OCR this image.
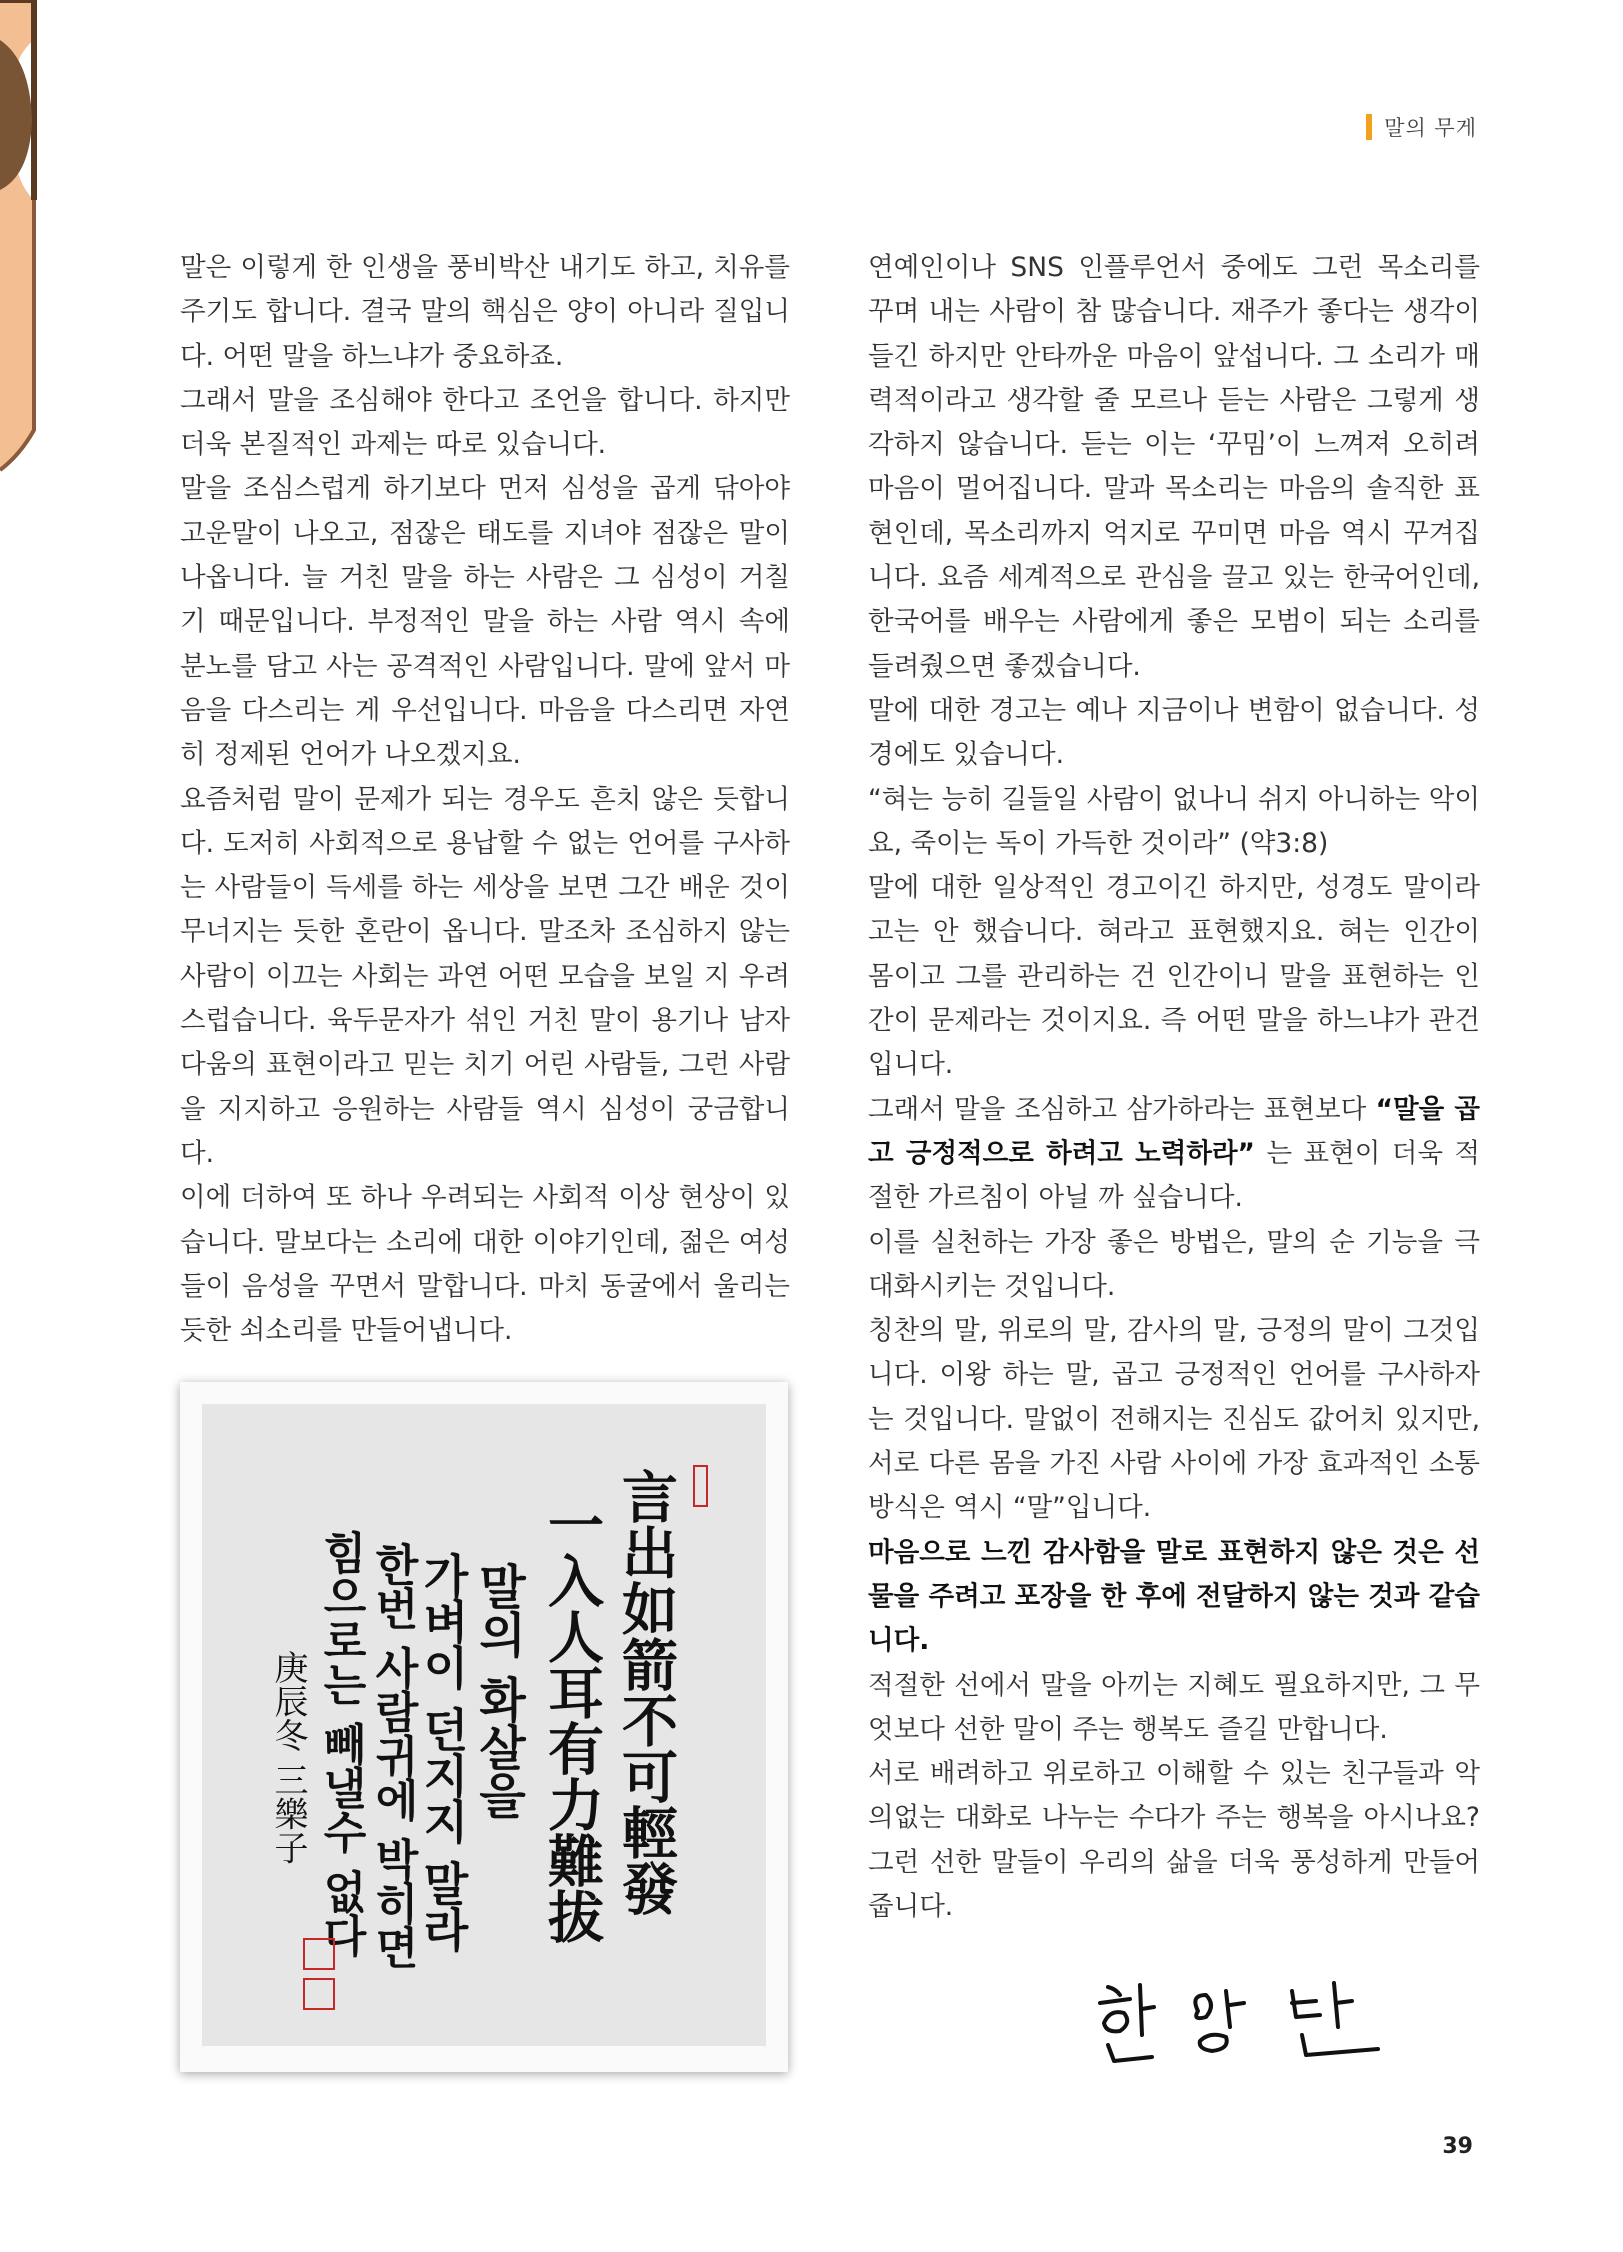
말의 무게

말은 이렇게 한 인생을 풍비박산 내기도 하고, 치유를 주기도 합니다. 결국 말의 핵심은 양이 아니라 질입니다. 어떤 말을 하느냐가 중요하죠.

그래서 말을 조심해야 한다고 조언을 합니다. 하지만 더욱 본질적인 과제는 따로 있습니다.

말을 조심스럽게 하기보다 먼저 심성을 곱게 닦아야 고운말이 나오고, 점잖은 태도를 지녀야 점잖은 말이 나옵니다. 늘 거친 말을 하는 사람은 그 심성이 거칠기 때문입니다. 부정적인 말을 하는 사람 역시 속에 분노를 담고 사는 공격적인 사람입니다. 말에 앞서 마음을 다스리는 게 우선입니다. 마음을 다스리면 자연히 정제된 언어가 나오겠지요.

요즘처럼 말이 문제가 되는 경우도 흔치 않은 듯합니다. 도저히 사회적으로 용납할 수 없는 언어를 구사하는 사람들이 득세를 하는 세상을 보면 그간 배운 것이 무너지는 듯한 혼란이 옵니다. 말조차 조심하지 않는 사람이 이끄는 사회는 과연 어떤 모습을 보일 지 우려스럽습니다. 육두문자가 섞인 거친 말이 용기나 남자다움의 표현이라고 믿는 치기 어린 사람들, 그런 사람을 지지하고 응원하는 사람들 역시 심성이 궁금합니다.

이에 더하여 또 하나 우려되는 사회적 이상 현상이 있습니다. 말보다는 소리에 대한 이야기인데, 젊은 여성들이 음성을 꾸면서 말합니다. 마치 동굴에서 울리는 듯한 쇠소리를 만들어냅니다.

연예인이나 SNS 인플루언서 중에도 그런 목소리를 꾸며 내는 사람이 참 많습니다. 재주가 좋다는 생각이 들긴 하지만 안타까운 마음이 앞섭니다. 그 소리가 매력적이라고 생각할 줄 모르나 듣는 사람은 그렇게 생각하지 않습니다. 듣는 이는 ‘꾸밈’이 느껴져 오히려 마음이 멀어집니다. 말과 목소리는 마음의 솔직한 표현인데, 목소리까지 억지로 꾸미면 마음 역시 꾸겨집니다. 요즘 세계적으로 관심을 끌고 있는 한국어인데, 한국어를 배우는 사람에게 좋은 모범이 되는 소리를 들려줬으면 좋겠습니다.

말에 대한 경고는 예나 지금이나 변함이 없습니다. 성경에도 있습니다.

“혀는 능히 길들일 사람이 없나니 쉬지 아니하는 악이요, 죽이는 독이 가득한 것이라” (약3:8)

말에 대한 일상적인 경고이긴 하지만, 성경도 말이라고는 안 했습니다. 혀라고 표현했지요. 혀는 인간이 몸이고 그를 관리하는 건 인간이니 말을 표현하는 인간이 문제라는 것이지요. 즉 어떤 말을 하느냐가 관건입니다.

그래서 말을 조심하고 삼가하라는 표현보다 “말을 곱고 긍정적으로 하려고 노력하라” 는 표현이 더욱 적절한 가르침이 아닐 까 싶습니다.

이를 실천하는 가장 좋은 방법은, 말의 순 기능을 극대화시키는 것입니다.

칭찬의 말, 위로의 말, 감사의 말, 긍정의 말이 그것입니다. 이왕 하는 말, 곱고 긍정적인 언어를 구사하자는 것입니다. 말없이 전해지는 진심도 값어치 있지만, 서로 다른 몸을 가진 사람 사이에 가장 효과적인 소통방식은 역시 “말”입니다.

마음으로 느낀 감사함을 말로 표현하지 않은 것은 선물을 주려고 포장을 한 후에 전달하지 않는 것과 같습니다.

적절한 선에서 말을 아끼는 지혜도 필요하지만, 그 무엇보다 선한 말이 주는 행복도 즐길 만합니다.

서로 배려하고 위로하고 이해할 수 있는 친구들과 악의없는 대화로 나누는 수다가 주는 행복을 아시나요? 그런 선한 말들이 우리의 삶을 더욱 풍성하게 만들어 줍니다.

言出如箭不可輕發
一入人耳有力難拔
말의 화살을
가벼이 던지지 말라
한번 사람귀에 박히면
힘으로는 빼낼수 없다
庚辰冬 三樂子
39
